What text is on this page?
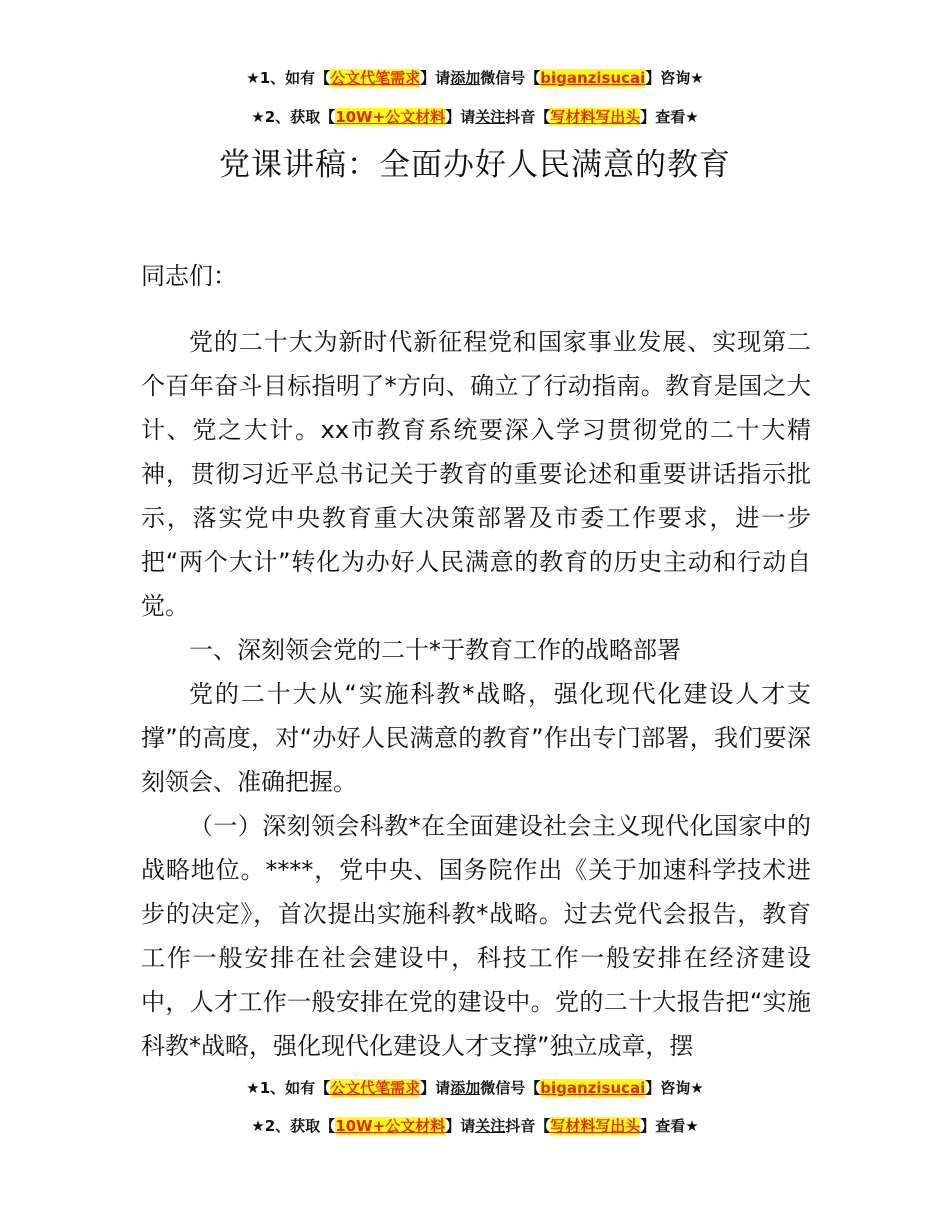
★1、如有【公文代笔需求】请添加微信号【biganzisucai】咨询★
★2、获取【10W+公文材料】请关注抖音【写材料写出头】查看★
党课讲稿：全面办好人民满意的教育

同志们：

党的二十大为新时代新征程党和国家事业发展、实现第二个百年奋斗目标指明了*方向、确立了行动指南。教育是国之大计、党之大计。xx市教育系统要深入学习贯彻党的二十大精神，贯彻习近平总书记关于教育的重要论述和重要讲话指示批示，落实党中央教育重大决策部署及市委工作要求，进一步把“两个大计”转化为办好人民满意的教育的历史主动和行动自觉。

一、深刻领会党的二十*于教育工作的战略部署

党的二十大从“实施科教*战略，强化现代化建设人才支撑”的高度，对“办好人民满意的教育”作出专门部署，我们要深刻领会、准确把握。

（一）深刻领会科教*在全面建设社会主义现代化国家中的战略地位。****，党中央、国务院作出《关于加速科学技术进步的决定》，首次提出实施科教*战略。过去党代会报告，教育工作一般安排在社会建设中，科技工作一般安排在经济建设中，人才工作一般安排在党的建设中。党的二十大报告把“实施科教*战略，强化现代化建设人才支撑”独立成章，摆

★1、如有【公文代笔需求】请添加微信号【biganzisucai】咨询★
★2、获取【10W+公文材料】请关注抖音【写材料写出头】查看★
